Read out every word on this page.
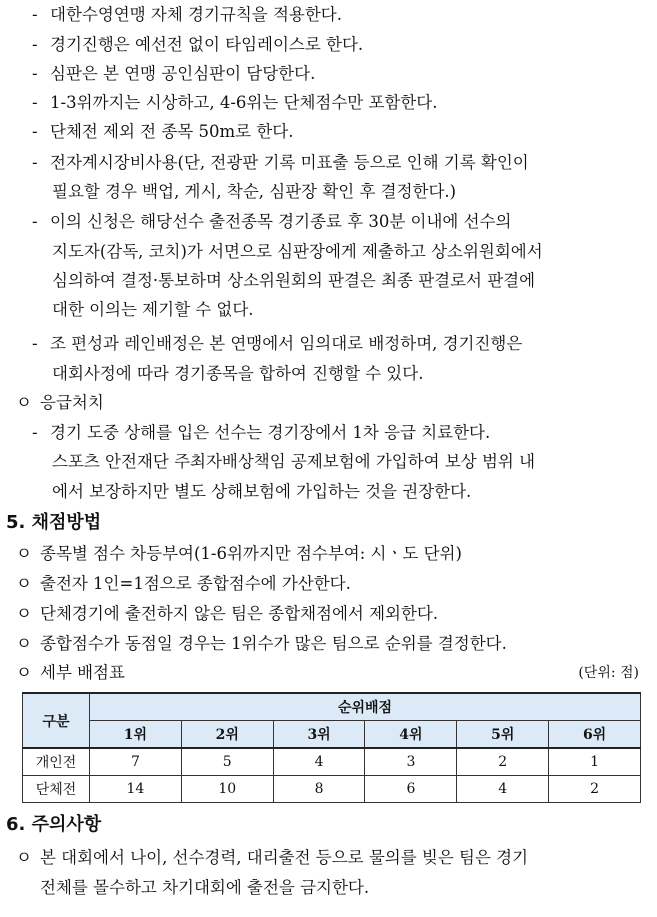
- 대한수영연맹 자체 경기규칙을 적용한다.
- 경기진행은 예선전 없이 타임레이스로 한다.
- 심판은 본 연맹 공인심판이 담당한다.
- 1-3위까지는 시상하고, 4-6위는 단체점수만 포함한다.
- 단체전 제외 전 종목 50m로 한다.
- 전자계시장비사용(단, 전광판 기록 미표출 등으로 인해 기록 확인이
필요할 경우 백업, 게시, 착순, 심판장 확인 후 결정한다.)
- 이의 신청은 해당선수 출전종목 경기종료 후 30분 이내에 선수의
지도자(감독, 코치)가 서면으로 심판장에게 제출하고 상소위원회에서
심의하여 결정·통보하며 상소위원회의 판결은 최종 판결로서 판결에
대한 이의는 제기할 수 없다.
- 조 편성과 레인배정은 본 연맹에서 임의대로 배정하며, 경기진행은
대회사정에 따라 경기종목을 합하여 진행할 수 있다.
ㅇ 응급처치
- 경기 도중 상해를 입은 선수는 경기장에서 1차 응급 치료한다.
스포츠 안전재단 주최자배상책임 공제보험에 가입하여 보상 범위 내
에서 보장하지만 별도 상해보험에 가입하는 것을 권장한다.
5. 채점방법
ㅇ 종목별 점수 차등부여(1-6위까지만 점수부여: 시ㆍ도 단위)
ㅇ 출전자 1인=1점으로 종합점수에 가산한다.
ㅇ 단체경기에 출전하지 않은 팀은 종합채점에서 제외한다.
ㅇ 종합점수가 동점일 경우는 1위수가 많은 팀으로 순위를 결정한다.
ㅇ 세부 배점표	(단위: 점)
구분	순위배점					
	1위	2위	3위	4위	5위	6위
개인전	7	5	4	3	2	1
단체전	14	10	8	6	4	2
6. 주의사항
ㅇ 본 대회에서 나이, 선수경력, 대리출전 등으로 물의를 빚은 팀은 경기
전체를 몰수하고 차기대회에 출전을 금지한다.
